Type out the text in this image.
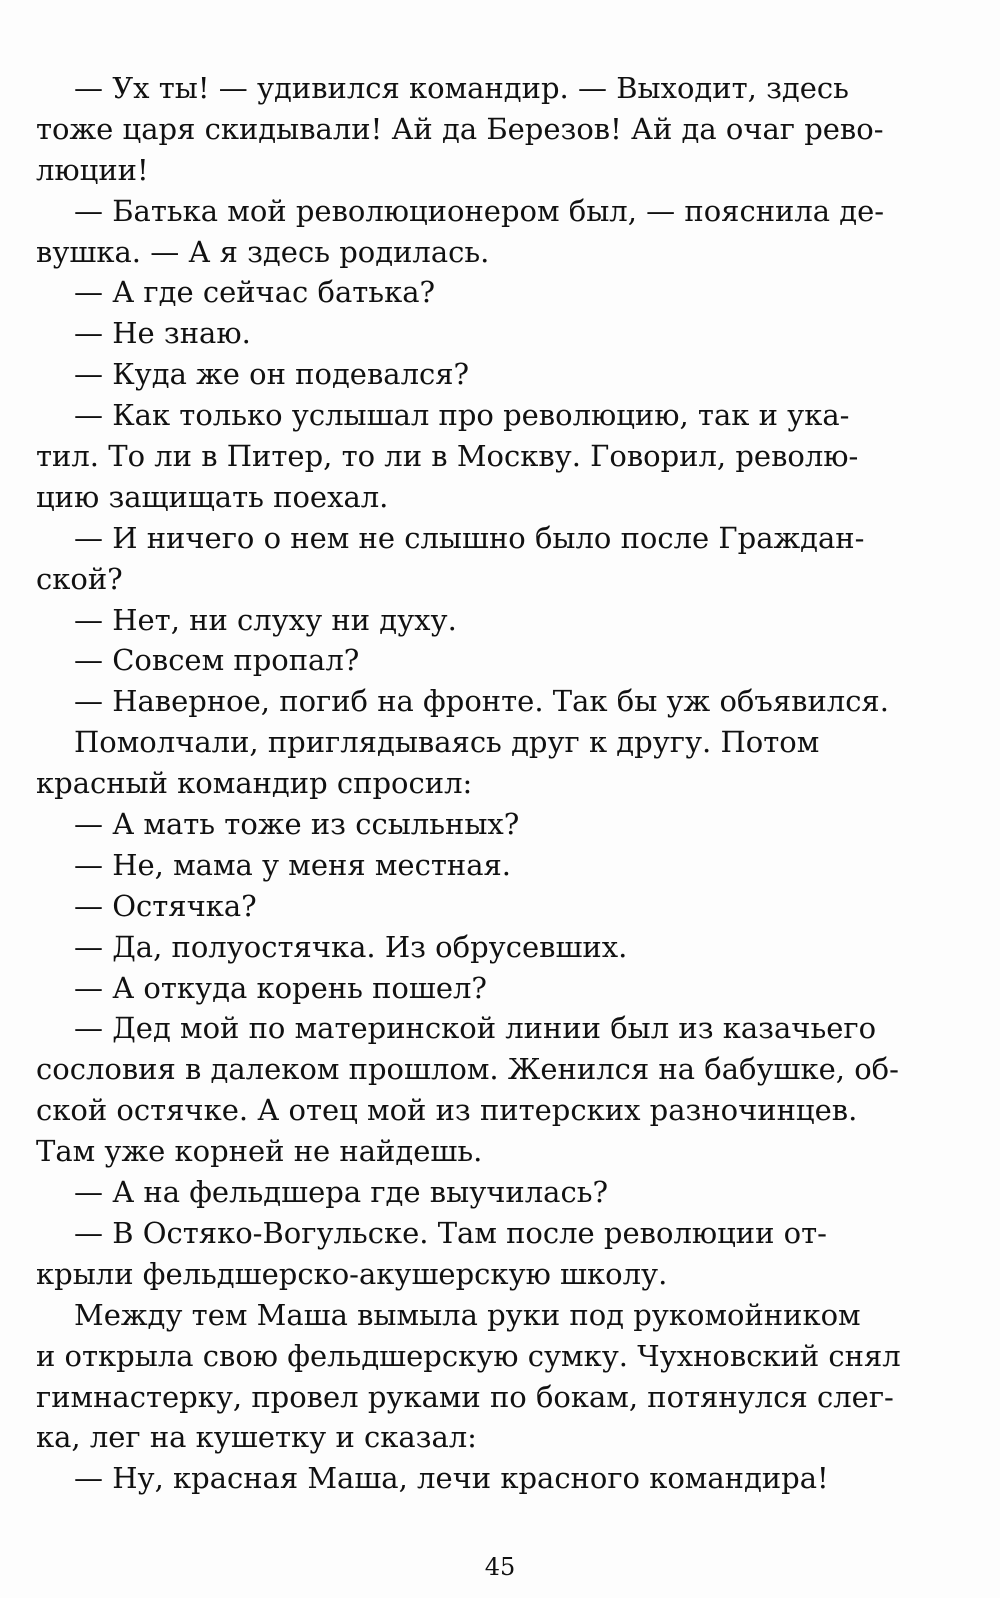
— Ух ты! — удивился командир. — Выходит, здесь
тоже царя скидывали! Ай да Березов! Ай да очаг рево-
люции!
— Батька мой революционером был, — пояснила де-
вушка. — А я здесь родилась.
— А где сейчас батька?
— Не знаю.
— Куда же он подевался?
— Как только услышал про революцию, так и ука-
тил. То ли в Питер, то ли в Москву. Говорил, револю-
цию защищать поехал.
— И ничего о нем не слышно было после Граждан-
ской?
— Нет, ни слуху ни духу.
— Совсем пропал?
— Наверное, погиб на фронте. Так бы уж объявился.
Помолчали, приглядываясь друг к другу. Потом
красный командир спросил:
— А мать тоже из ссыльных?
— Не, мама у меня местная.
— Остячка?
— Да, полуостячка. Из обрусевших.
— А откуда корень пошел?
— Дед мой по материнской линии был из казачьего
сословия в далеком прошлом. Женился на бабушке, об-
ской остячке. А отец мой из питерских разночинцев.
Там уже корней не найдешь.
— А на фельдшера где выучилась?
— В Остяко-Вогульске. Там после революции от-
крыли фельдшерско-акушерскую школу.
Между тем Маша вымыла руки под рукомойником
и открыла свою фельдшерскую сумку. Чухновский снял
гимнастерку, провел руками по бокам, потянулся слег-
ка, лег на кушетку и сказал:
— Ну, красная Маша, лечи красного командира!
45
